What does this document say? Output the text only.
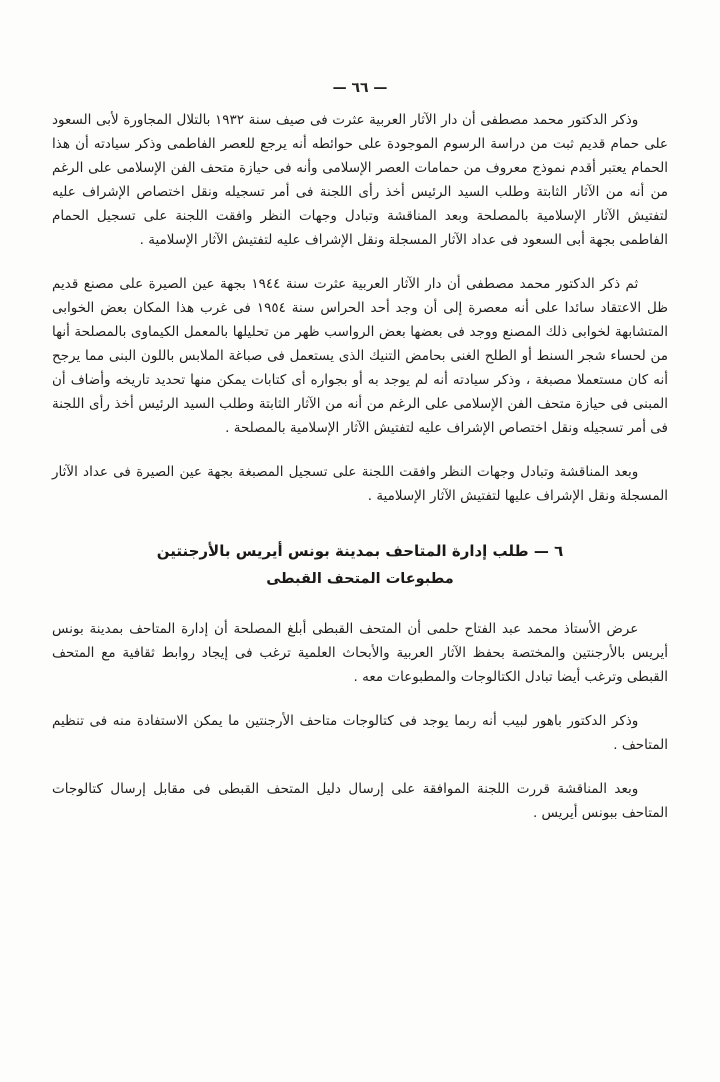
— ٦٦ —

وذكر الدكتور محمد مصطفى أن دار الآثار العربية عثرت فى صيف سنة ١٩٣٢ بالتلال المجاورة لأبى السعود على حمام قديم ثبت من دراسة الرسوم الموجودة على حوائطه أنه يرجع للعصر الفاطمى وذكر سيادته أن هذا الحمام يعتبر أقدم نموذج معروف من حمامات العصر الإسلامى وأنه فى حيازة متحف الفن الإسلامى على الرغم من أنه من الآثار الثابتة وطلب السيد الرئيس أخذ رأى اللجنة فى أمر تسجيله ونقل اختصاص الإشراف عليه لتفتيش الآثار الإسلامية بالمصلحة وبعد المناقشة وتبادل وجهات النظر وافقت اللجنة على تسجيل الحمام الفاطمى بجهة أبى السعود فى عداد الآثار المسجلة ونقل الإشراف عليه لتفتيش الآثار الإسلامية .

ثم ذكر الدكتور محمد مصطفى أن دار الآثار العربية عثرت سنة ١٩٤٤ بجهة عين الصيرة على مصنع قديم ظل الاعتقاد سائدا على أنه معصرة إلى أن وجد أحد الحراس سنة ١٩٥٤ فى غرب هذا المكان بعض الخوابى المتشابهة لخوابى ذلك المصنع ووجد فى بعضها بعض الرواسب ظهر من تحليلها بالمعمل الكيماوى بالمصلحة أنها من لحساء شجر السنط أو الطلح الغنى بحامض التنيك الذى يستعمل فى صباغة الملابس باللون البنى مما يرجح أنه كان مستعملا مصبغة ، وذكر سيادته أنه لم يوجد به أو بجواره أى كتابات يمكن منها تحديد تاريخه وأضاف أن المبنى فى حيازة متحف الفن الإسلامى على الرغم من أنه من الآثار الثابتة وطلب السيد الرئيس أخذ رأى اللجنة فى أمر تسجيله ونقل اختصاص الإشراف عليه لتفتيش الآثار الإسلامية بالمصلحة .

وبعد المناقشة وتبادل وجهات النظر وافقت اللجنة على تسجيل المصبغة بجهة عين الصيرة فى عداد الآثار المسجلة ونقل الإشراف عليها لتفتيش الآثار الإسلامية .

٦ — طلب إدارة المتاحف بمدينة بونس أيريس بالأرجنتين

مطبوعات المتحف القبطى

عرض الأستاذ محمد عبد الفتاح حلمى أن المتحف القبطى أبلغ المصلحة أن إدارة المتاحف بمدينة بونس أيريس بالأرجنتين والمختصة بحفظ الآثار العربية والأبحاث العلمية ترغب فى إيجاد روابط ثقافية مع المتحف القبطى وترغب أيضا تبادل الكتالوجات والمطبوعات معه .

وذكر الدكتور باهور لبيب أنه ربما يوجد فى كتالوجات متاحف الأرجنتين ما يمكن الاستفادة منه فى تنظيم المتاحف .

وبعد المناقشة قررت اللجنة الموافقة على إرسال دليل المتحف القبطى فى مقابل إرسال كتالوجات المتاحف ببونس أيريس .
